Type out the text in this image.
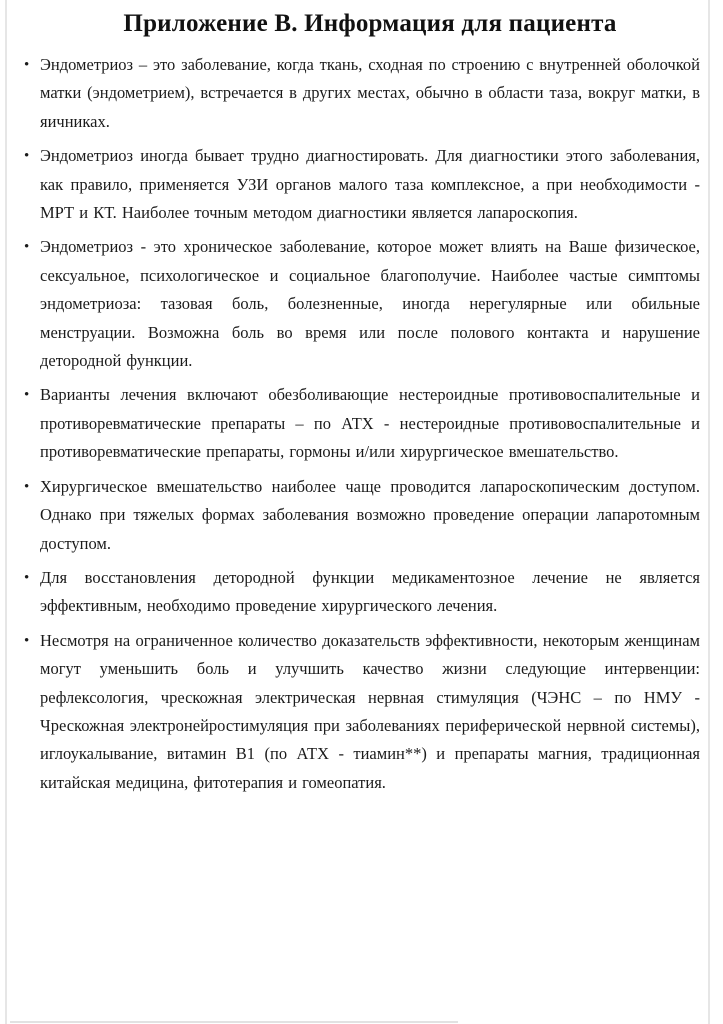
Приложение В. Информация для пациента
• Эндометриоз – это заболевание, когда ткань, сходная по строению с внутренней оболочкой матки (эндометрием), встречается в других местах, обычно в области таза, вокруг матки, в яичниках.
• Эндометриоз иногда бывает трудно диагностировать. Для диагностики этого заболевания, как правило, применяется УЗИ органов малого таза комплексное, а при необходимости - МРТ и КТ. Наиболее точным методом диагностики является лапароскопия.
• Эндометриоз - это хроническое заболевание, которое может влиять на Ваше физическое, сексуальное, психологическое и социальное благополучие. Наиболее частые симптомы эндометриоза: тазовая боль, болезненные, иногда нерегулярные или обильные менструации. Возможна боль во время или после полового контакта и нарушение детородной функции.
• Варианты лечения включают обезболивающие нестероидные противовоспалительные и противоревматические препараты – по АТХ - нестероидные противовоспалительные и противоревматические препараты, гормоны и/или хирургическое вмешательство.
• Хирургическое вмешательство наиболее чаще проводится лапароскопическим доступом. Однако при тяжелых формах заболевания возможно проведение операции лапаротомным доступом.
• Для восстановления детородной функции медикаментозное лечение не является эффективным, необходимо проведение хирургического лечения.
• Несмотря на ограниченное количество доказательств эффективности, некоторым женщинам могут уменьшить боль и улучшить качество жизни следующие интервенции: рефлексология, чрескожная электрическая нервная стимуляция (ЧЭНС – по НМУ - Чрескожная электронейростимуляция при заболеваниях периферической нервной системы), иглоукалывание, витамин В1 (по АТХ - тиамин**) и препараты магния, традиционная китайская медицина, фитотерапия и гомеопатия.
